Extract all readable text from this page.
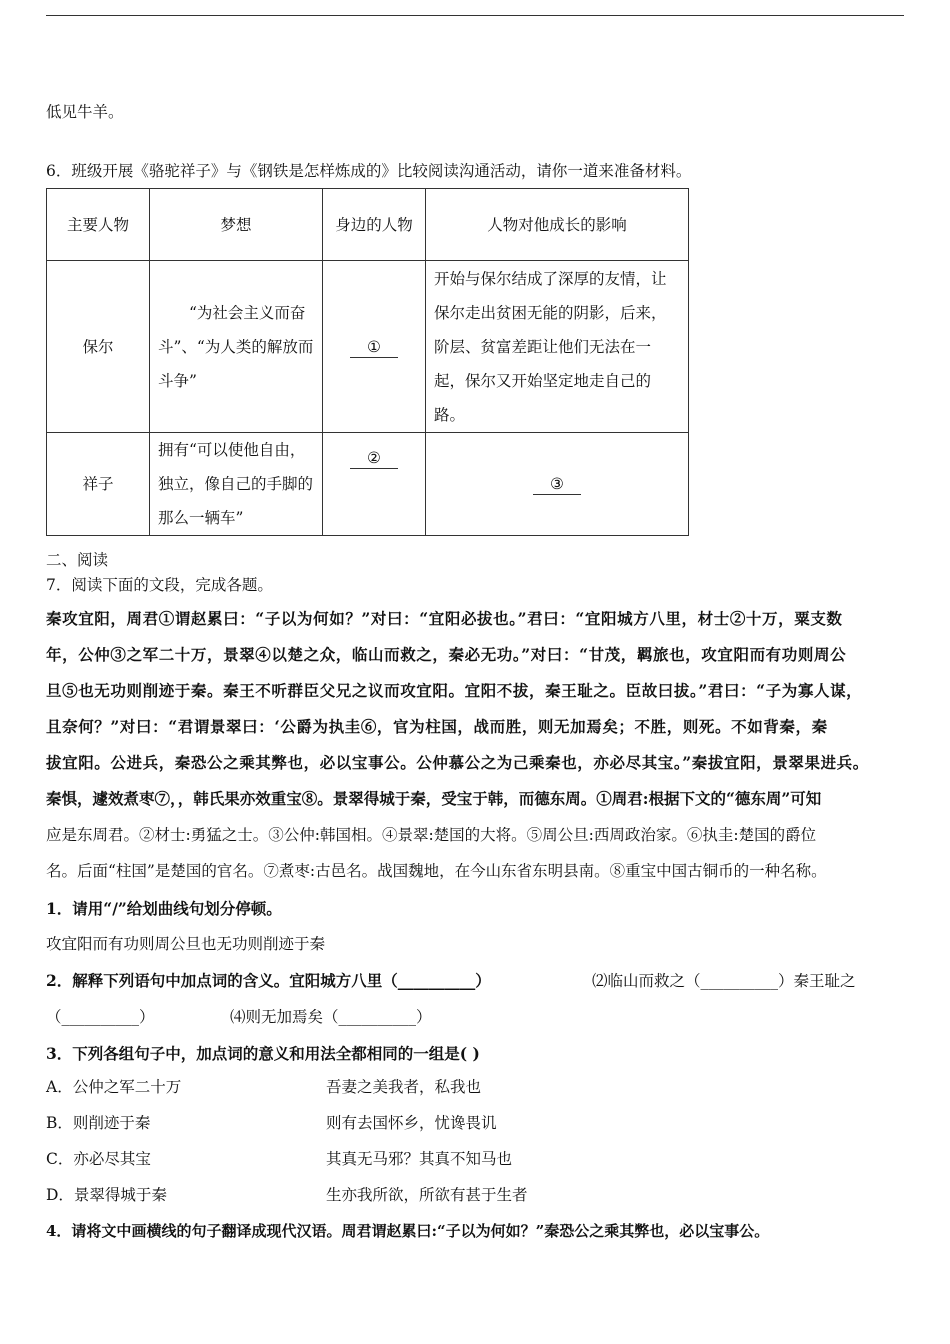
低见牛羊。
6．班级开展《骆驼祥子》与《钢铁是怎样炼成的》比较阅读沟通活动，请你一道来准备材料。
主要人物	梦想	身边的人物	人物对他成长的影响
保尔	“为社会主义而奋斗”、“为人类的解放而斗争”	①	开始与保尔结成了深厚的友情，让保尔走出贫困无能的阴影，后来，阶层、贫富差距让他们无法在一起，保尔又开始坚定地走自己的路。
祥子	拥有“可以使他自由，独立，像自己的手脚的那么一辆车”	②	③
二、阅读
7．阅读下面的文段，完成各题。
秦攻宜阳，周君①谓赵累曰：“子以为何如？”对曰：“宜阳必拔也。”君曰：“宜阳城方八里，材士②十万，粟支数
年，公仲③之军二十万，景翠④以楚之众，临山而救之，秦必无功。”对曰：“甘茂，羁旅也，攻宜阳而有功则周公
旦⑤也无功则削迹于秦。秦王不听群臣父兄之议而攻宜阳。宜阳不拔，秦王耻之。臣故曰拔。”君曰：“子为寡人谋，
且奈何？”对曰：“君谓景翠曰：‘公爵为执圭⑥，官为柱国，战而胜，则无加焉矣；不胜，则死。不如背秦，秦
拔宜阳。公进兵，秦恐公之乘其弊也，必以宝事公。公仲慕公之为己乘秦也，亦必尽其宝。”秦拔宜阳，景翠果进兵。
秦惧，遽效煮枣⑦，，韩氏果亦效重宝⑧。景翠得城于秦，受宝于韩，而德东周。①周君:根据下文的“德东周”可知
应是东周君。②材士:勇猛之士。③公仲:韩国相。④景翠:楚国的大将。⑤周公旦:西周政治家。⑥执圭:楚国的爵位
名。后面“柱国”是楚国的官名。⑦煮枣:古邑名。战国魏地，在今山东省东明县南。⑧重宝中国古铜币的一种名称。
1．请用“/”给划曲线句划分停顿。
攻宜阳而有功则周公旦也无功则削迹于秦
2．解释下列语句中加点词的含义。宜阳城方八里（__________）	⑵临山而救之（__________）秦王耻之
（__________）	⑷则无加焉矣（__________）
3．下列各组句子中，加点词的意义和用法全都相同的一组是( )
A．公仲之军二十万	吾妻之美我者，私我也
B．则削迹于秦	则有去国怀乡，忧谗畏讥
C．亦必尽其宝	其真无马邪？其真不知马也
D．景翠得城于秦	生亦我所欲，所欲有甚于生者
4．请将文中画横线的句子翻译成现代汉语。周君谓赵累曰:“子以为何如？”秦恐公之乘其弊也，必以宝事公。
